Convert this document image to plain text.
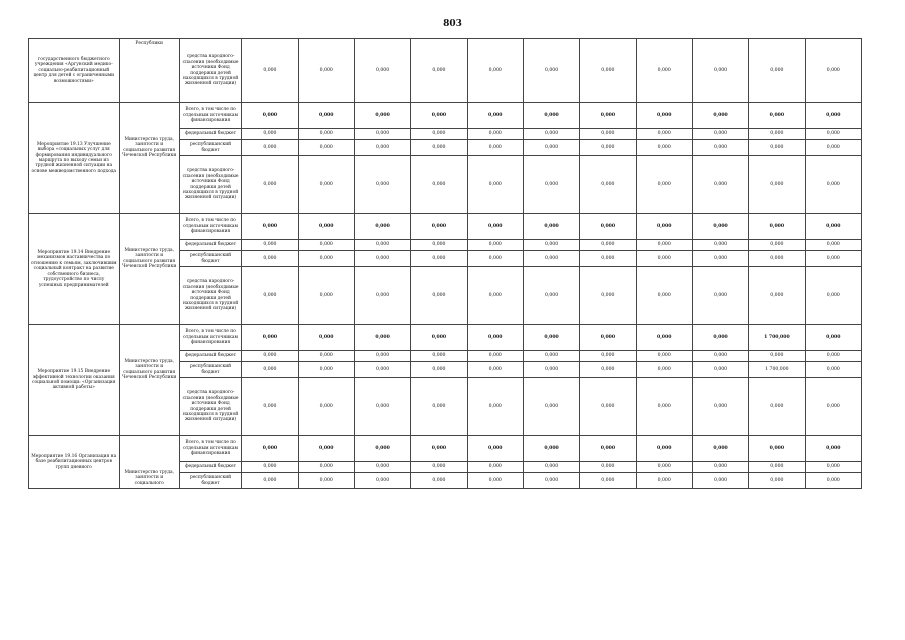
803
государственного бюджетного учреждения «Аргунский медико-социально-реабилитационный центр для детей с ограниченными возможностями»	Республики	средства народного-спасения (необходимые источники Фонд поддержки детей находящихся в трудной жизненной ситуации)	0,000	0,000	0,000	0,000	0,000	0,000	0,000	0,000	0,000	0,000	0,000
Мероприятие 19.13 Улучшение выбора «социальных услуг для формирования индивидуального маршрута по выходу семьи из трудной жизненной ситуации на основе межведомственного подхода	Министерство труда, занятости и социального развития Чеченской Республики	Всего, в том числе по отдельным источникам финансирования	0,000	0,000	0,000	0,000	0,000	0,000	0,000	0,000	0,000	0,000	0,000
		федеральный бюджет	0,000	0,000	0,000	0,000	0,000	0,000	0,000	0,000	0,000	0,000	0,000
		республиканский бюджет	0,000	0,000	0,000	0,000	0,000	0,000	0,000	0,000	0,000	0,000	0,000
		средства народного-спасения (необходимые источники Фонд поддержки детей находящихся в трудной жизненной ситуации)	0,000	0,000	0,000	0,000	0,000	0,000	0,000	0,000	0,000	0,000	0,000
Мероприятие 19.14 Внедрение механизмов наставничества по отношению к семьям, заключившим социальный контракт на развитие собственного бизнеса, трудоустройство по числу успешных предпринимателей	Министерство труда, занятости и социального развития Чеченской Республики	Всего, в том числе по отдельным источникам финансирования	0,000	0,000	0,000	0,000	0,000	0,000	0,000	0,000	0,000	0,000	0,000
		федеральный бюджет	0,000	0,000	0,000	0,000	0,000	0,000	0,000	0,000	0,000	0,000	0,000
		республиканский бюджет	0,000	0,000	0,000	0,000	0,000	0,000	0,000	0,000	0,000	0,000	0,000
		средства народного-спасения (необходимые источники Фонд поддержки детей находящихся в трудной жизненной ситуации)	0,000	0,000	0,000	0,000	0,000	0,000	0,000	0,000	0,000	0,000	0,000
Мероприятие 19.15 Внедрение эффективной технологии оказания социальной помощи: «Организация активной работы»	Министерство труда, занятости и социального развития Чеченской Республики	Всего, в том числе по отдельным источникам финансирования	0,000	0,000	0,000	0,000	0,000	0,000	0,000	0,000	0,000	1 700,000	0,000
		федеральный бюджет	0,000	0,000	0,000	0,000	0,000	0,000	0,000	0,000	0,000	0,000	0,000
		республиканский бюджет	0,000	0,000	0,000	0,000	0,000	0,000	0,000	0,000	0,000	1 700,000	0,000
		средства народного-спасения (необходимые источники Фонд поддержки детей находящихся в трудной жизненной ситуации)	0,000	0,000	0,000	0,000	0,000	0,000	0,000	0,000	0,000	0,000	0,000
Мероприятие 19.16 Организация на базе реабилитационных центров групп дневного	Министерство труда, занятости и социального	Всего, в том числе по отдельным источникам финансирования	0,000	0,000	0,000	0,000	0,000	0,000	0,000	0,000	0,000	0,000	0,000
		федеральный бюджет	0,000	0,000	0,000	0,000	0,000	0,000	0,000	0,000	0,000	0,000	0,000
		республиканский бюджет	0,000	0,000	0,000	0,000	0,000	0,000	0,000	0,000	0,000	0,000	0,000
